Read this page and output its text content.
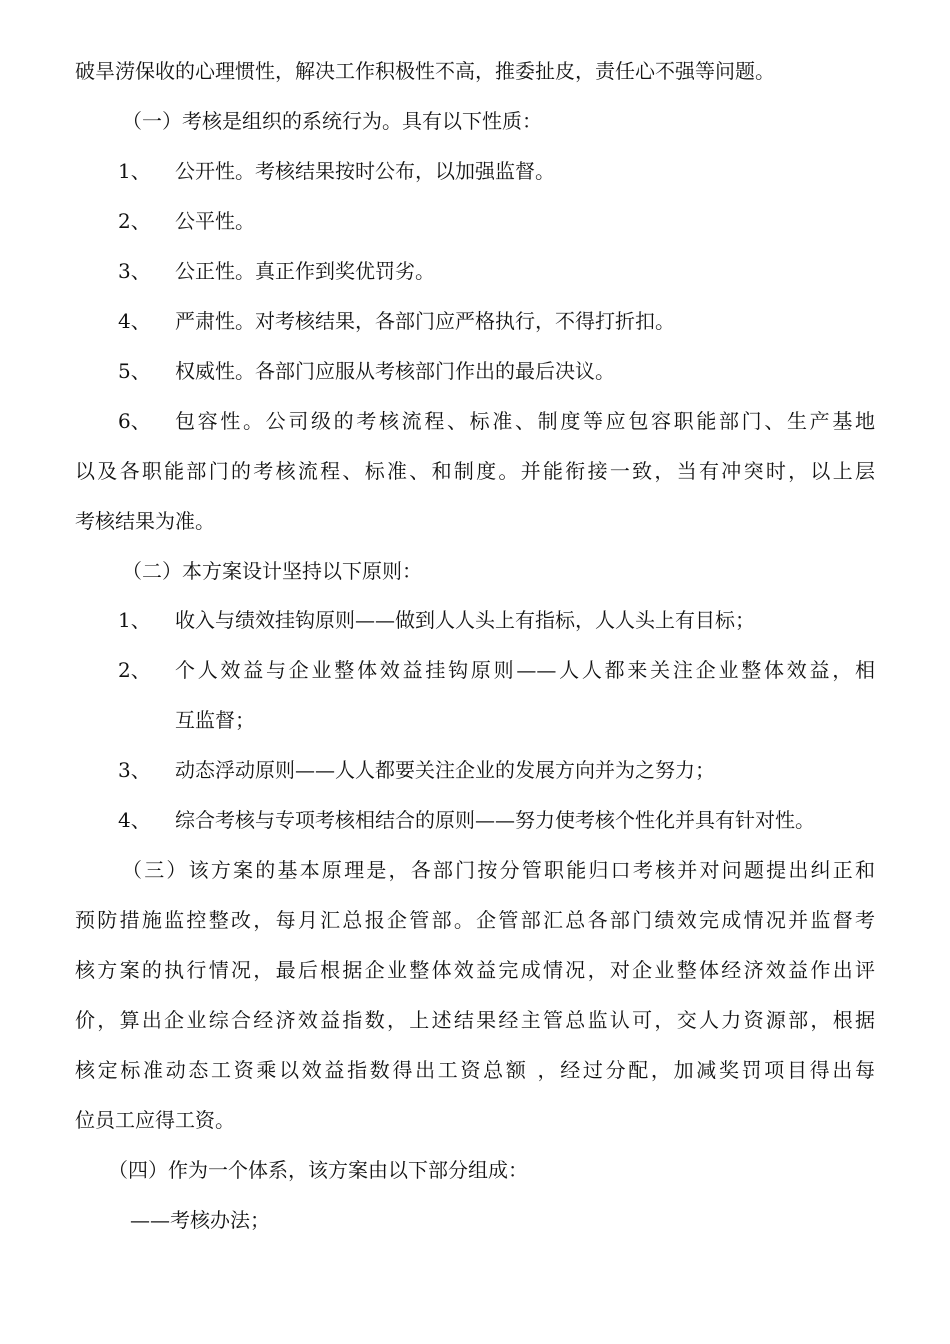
破旱涝保收的心理惯性，解决工作积极性不高，推委扯皮，责任心不强等问题。
（一）考核是组织的系统行为。具有以下性质：
1、 公开性。考核结果按时公布，以加强监督。
2、 公平性。
3、 公正性。真正作到奖优罚劣。
4、 严肃性。对考核结果，各部门应严格执行，不得打折扣。
5、 权威性。各部门应服从考核部门作出的最后决议。
6、 包容性。公司级的考核流程、标准、制度等应包容职能部门、生产基地
以及各职能部门的考核流程、标准、和制度。并能衔接一致，当有冲突时，以上层
考核结果为准。
（二）本方案设计坚持以下原则：
1、 收入与绩效挂钩原则——做到人人头上有指标，人人头上有目标；
2、 个人效益与企业整体效益挂钩原则——人人都来关注企业整体效益，相
互监督；
3、 动态浮动原则——人人都要关注企业的发展方向并为之努力；
4、 综合考核与专项考核相结合的原则——努力使考核个性化并具有针对性。
（三）该方案的基本原理是，各部门按分管职能归口考核并对问题提出纠正和
预防措施监控整改，每月汇总报企管部。企管部汇总各部门绩效完成情况并监督考
核方案的执行情况，最后根据企业整体效益完成情况，对企业整体经济效益作出评
价，算出企业综合经济效益指数，上述结果经主管总监认可，交人力资源部，根据
核定标准动态工资乘以效益指数得出工资总额 ，经过分配，加减奖罚项目得出每
位员工应得工资。
（四）作为一个体系，该方案由以下部分组成：
——考核办法；
